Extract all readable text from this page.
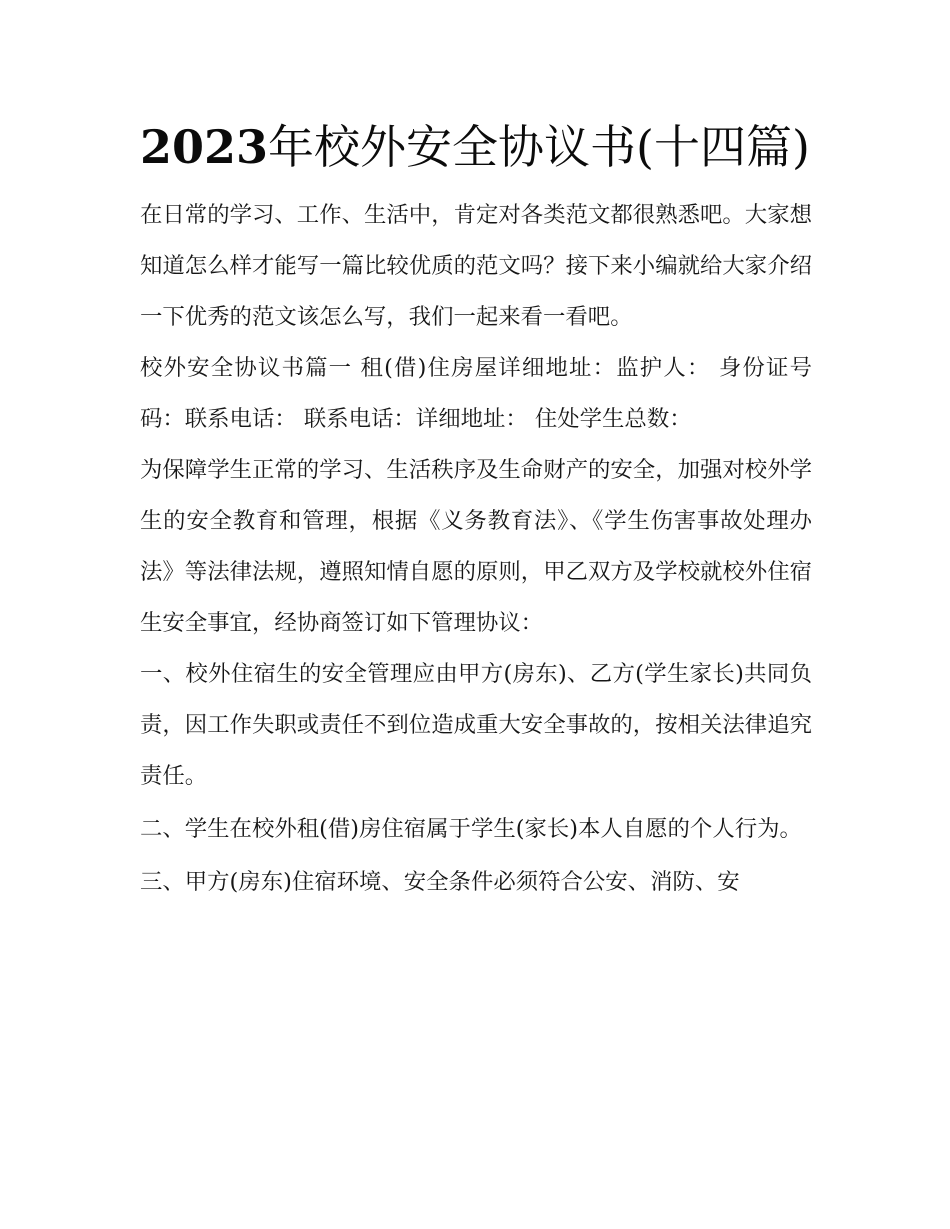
2023年校外安全协议书(十四篇)

在日常的学习、工作、生活中，肯定对各类范文都很熟悉吧。大家想知道怎么样才能写一篇比较优质的范文吗？接下来小编就给大家介绍一下优秀的范文该怎么写，我们一起来看一看吧。

校外安全协议书篇一 租(借)住房屋详细地址：监护人： 身份证号码：联系电话： 联系电话：详细地址： 住处学生总数：

为保障学生正常的学习、生活秩序及生命财产的安全，加强对校外学生的安全教育和管理，根据《义务教育法》、《学生伤害事故处理办法》等法律法规，遵照知情自愿的原则，甲乙双方及学校就校外住宿生安全事宜，经协商签订如下管理协议：

一、校外住宿生的安全管理应由甲方(房东)、乙方(学生家长)共同负责，因工作失职或责任不到位造成重大安全事故的，按相关法律追究责任。

二、学生在校外租(借)房住宿属于学生(家长)本人自愿的个人行为。

三、甲方(房东)住宿环境、安全条件必须符合公安、消防、安
